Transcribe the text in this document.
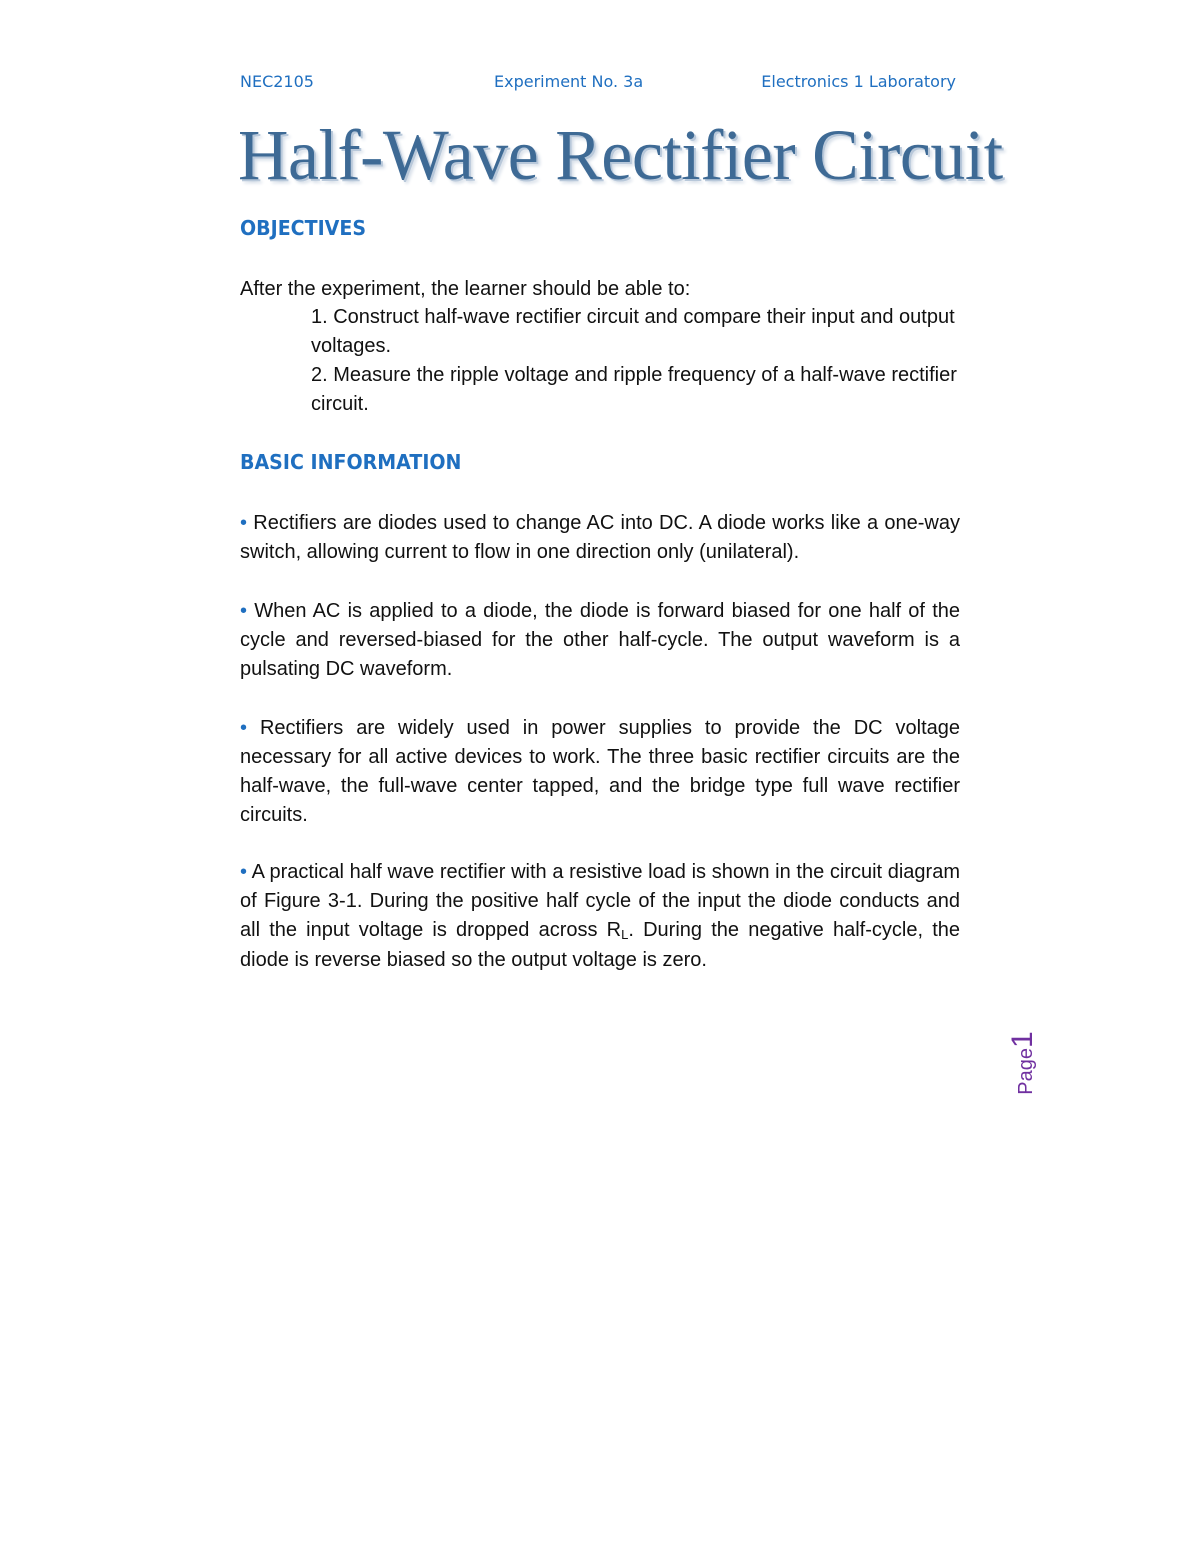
NEC2105	Experiment No. 3a	Electronics 1 Laboratory
Half-Wave Rectifier Circuit
OBJECTIVES
After the experiment, the learner should be able to:
1. Construct half-wave rectifier circuit and compare their input and output voltages.
2. Measure the ripple voltage and ripple frequency of a half-wave rectifier circuit.
BASIC INFORMATION
• Rectifiers are diodes used to change AC into DC. A diode works like a one-way switch, allowing current to flow in one direction only (unilateral).
• When AC is applied to a diode, the diode is forward biased for one half of the cycle and reversed-biased for the other half-cycle. The output waveform is a pulsating DC waveform.
• Rectifiers are widely used in power supplies to provide the DC voltage necessary for all active devices to work. The three basic rectifier circuits are the half-wave, the full-wave center tapped, and the bridge type full wave rectifier circuits.
• A practical half wave rectifier with a resistive load is shown in the circuit diagram of Figure 3-1. During the positive half cycle of the input the diode conducts and all the input voltage is dropped across $R_L$. During the negative half-cycle, the diode is reverse biased so the output voltage is zero.
Page1
